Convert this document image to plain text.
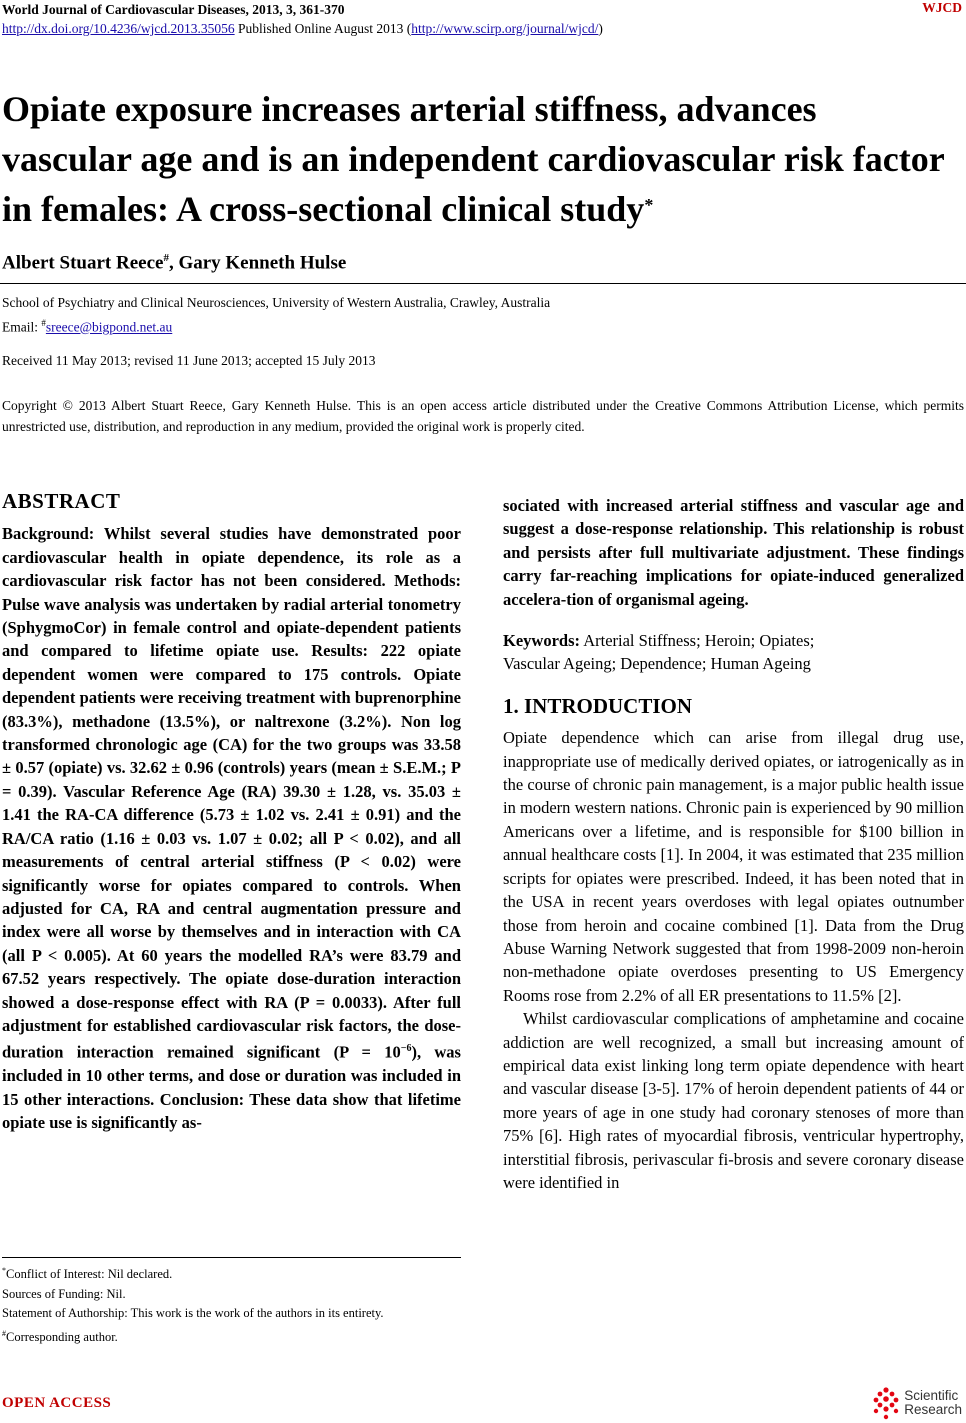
World Journal of Cardiovascular Diseases, 2013, 3, 361-370
http://dx.doi.org/10.4236/wjcd.2013.35056 Published Online August 2013 (http://www.scirp.org/journal/wjcd/)
WJCD
Opiate exposure increases arterial stiffness, advances vascular age and is an independent cardiovascular risk factor in females: A cross-sectional clinical study*
Albert Stuart Reece#, Gary Kenneth Hulse
School of Psychiatry and Clinical Neurosciences, University of Western Australia, Crawley, Australia
Email: #sreece@bigpond.net.au
Received 11 May 2013; revised 11 June 2013; accepted 15 July 2013
Copyright © 2013 Albert Stuart Reece, Gary Kenneth Hulse. This is an open access article distributed under the Creative Commons Attribution License, which permits unrestricted use, distribution, and reproduction in any medium, provided the original work is properly cited.
ABSTRACT

Background: Whilst several studies have demonstrated poor cardiovascular health in opiate dependence, its role as a cardiovascular risk factor has not been considered. Methods: Pulse wave analysis was undertaken by radial arterial tonometry (SphygmoCor) in female control and opiate-dependent patients and compared to lifetime opiate use. Results: 222 opiate dependent women were compared to 175 controls. Opiate dependent patients were receiving treatment with buprenorphine (83.3%), methadone (13.5%), or naltrexone (3.2%). Non log transformed chronologic age (CA) for the two groups was 33.58 ± 0.57 (opiate) vs. 32.62 ± 0.96 (controls) years (mean ± S.E.M.; P = 0.39). Vascular Reference Age (RA) 39.30 ± 1.28, vs. 35.03 ± 1.41 the RA-CA difference (5.73 ± 1.02 vs. 2.41 ± 0.91) and the RA/CA ratio (1.16 ± 0.03 vs. 1.07 ± 0.02; all P < 0.02), and all measurements of central arterial stiffness (P < 0.02) were significantly worse for opiates compared to controls. When adjusted for CA, RA and central augmentation pressure and index were all worse by themselves and in interaction with CA (all P < 0.005). At 60 years the modelled RA’s were 83.79 and 67.52 years respectively. The opiate dose-duration interaction showed a dose-response effect with RA (P = 0.0033). After full adjustment for established cardiovascular risk factors, the dose-duration interaction remained significant $(P = 10^{-6})$, was included in 10 other terms, and dose or duration was included in 15 other interactions. Conclusion: These data show that lifetime opiate use is significantly as-

*Conflict of Interest: Nil declared.

Sources of Funding: Nil.

Statement of Authorship: This work is the work of the authors in its entirety.

#Corresponding author.

sociated with increased arterial stiffness and vascular age and suggest a dose-response relationship. This relationship is robust and persists after full multivariate adjustment. These findings carry far-reaching implications for opiate-induced generalized accelera-tion of organismal ageing.

Keywords: Arterial Stiffness; Heroin; Opiates;
Vascular Ageing; Dependence; Human Ageing

1. INTRODUCTION

Opiate dependence which can arise from illegal drug use, inappropriate use of medically derived opiates, or iatrogenically as in the course of chronic pain management, is a major public health issue in modern western nations. Chronic pain is experienced by 90 million Americans over a lifetime, and is responsible for $100 billion in annual healthcare costs [1]. In 2004, it was estimated that 235 million scripts for opiates were prescribed. Indeed, it has been noted that in the USA in recent years overdoses with legal opiates outnumber those from heroin and cocaine combined [1]. Data from the Drug Abuse Warning Network suggested that from 1998-2009 non-heroin non-methadone opiate overdoses presenting to US Emergency Rooms rose from 2.2% of all ER presentations to 11.5% [2].

Whilst cardiovascular complications of amphetamine and cocaine addiction are well recognized, a small but increasing amount of empirical data exist linking long term opiate dependence with heart and vascular disease [3-5]. 17% of heroin dependent patients of 44 or more years of age in one study had coronary stenoses of more than 75% [6]. High rates of myocardial fibrosis, ventricular hypertrophy, interstitial fibrosis, perivascular fi-brosis and severe coronary disease were identified in

OPEN ACCESS	Scientific
Research
